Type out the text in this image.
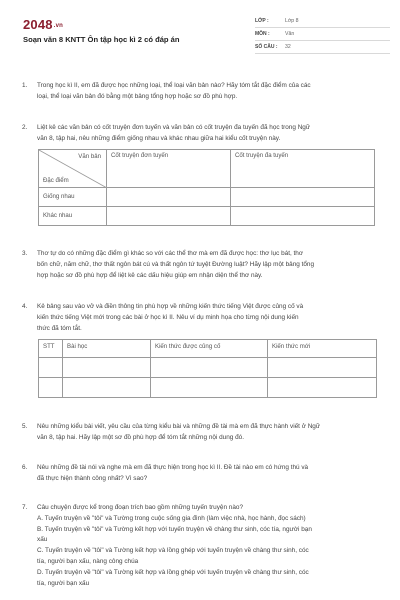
2048.vn
Soạn văn 8 KNTT Ôn tập học kì 2 có đáp án
LỚP :	Lớp 8
MÔN :	Văn
SỐ CÂU :	32
1.	Trong học kì II, em đã được học những loại, thể loại văn bản nào? Hãy tóm tắt đặc điểm của các
loại, thể loại văn bản đó bằng một bảng tổng hợp hoặc sơ đồ phù hợp.
2.	Liệt kê các văn bản có cốt truyện đơn tuyến và văn bản có cốt truyện đa tuyến đã học trong Ngữ
văn 8, tập hai, nêu những điểm giống nhau và khác nhau giữa hai kiểu cốt truyện này.
Văn bản
Đặc điểm	Cốt truyện đơn tuyến	Cốt truyện đa tuyến
Giống nhau		
Khác nhau		
3.	Thơ tự do có những đặc điểm gì khác so với các thể thơ mà em đã được học: thơ lục bát, thơ
bốn chữ, năm chữ, thơ thất ngôn bát cú và thất ngôn tứ tuyệt Đường luật? Hãy lập một bảng tổng
hợp hoặc sơ đồ phù hợp để liệt kê các dấu hiệu giúp em nhận diện thể thơ này.
4.	Kẻ bảng sau vào vở và điền thông tin phù hợp về những kiến thức tiếng Việt được củng cố và
kiến thức tiếng Việt mới trong các bài ở học kì II. Nêu ví dụ minh họa cho từng nội dung kiến
thức đã tóm tắt.
STT	Bài học	Kiến thức được củng cố	Kiến thức mới

5.	Nêu những kiểu bài viết, yêu cầu của từng kiểu bài và những đề tài mà em đã thực hành viết ở Ngữ
văn 8, tập hai. Hãy lập một sơ đồ phù hợp để tóm tắt những nội dung đó.
6.	Nêu những đề tài nói và nghe mà em đã thực hiện trong học kì II. Đề tài nào em có hứng thú và
đã thực hiện thành công nhất? Vì sao?
7.	Câu chuyện được kể trong đoạn trích bao gồm những tuyến truyện nào?
A. Tuyến truyện về "tôi" và Tường trong cuộc sống gia đình (làm việc nhà, học hành, đọc sách)
B. Tuyến truyện về "tôi" và Tường kết hợp với tuyến truyện về chàng thư sinh, cóc tía, người bạn
xấu
C. Tuyến truyện về "tôi" và Tường kết hợp và lồng ghép với tuyến truyện về chàng thư sinh, cóc
tía, người bạn xấu, nàng công chúa
D. Tuyến truyện về "tôi" và Tường kết hợp và lồng ghép với tuyến truyện về chàng thư sinh, cóc
tía, người bạn xấu
